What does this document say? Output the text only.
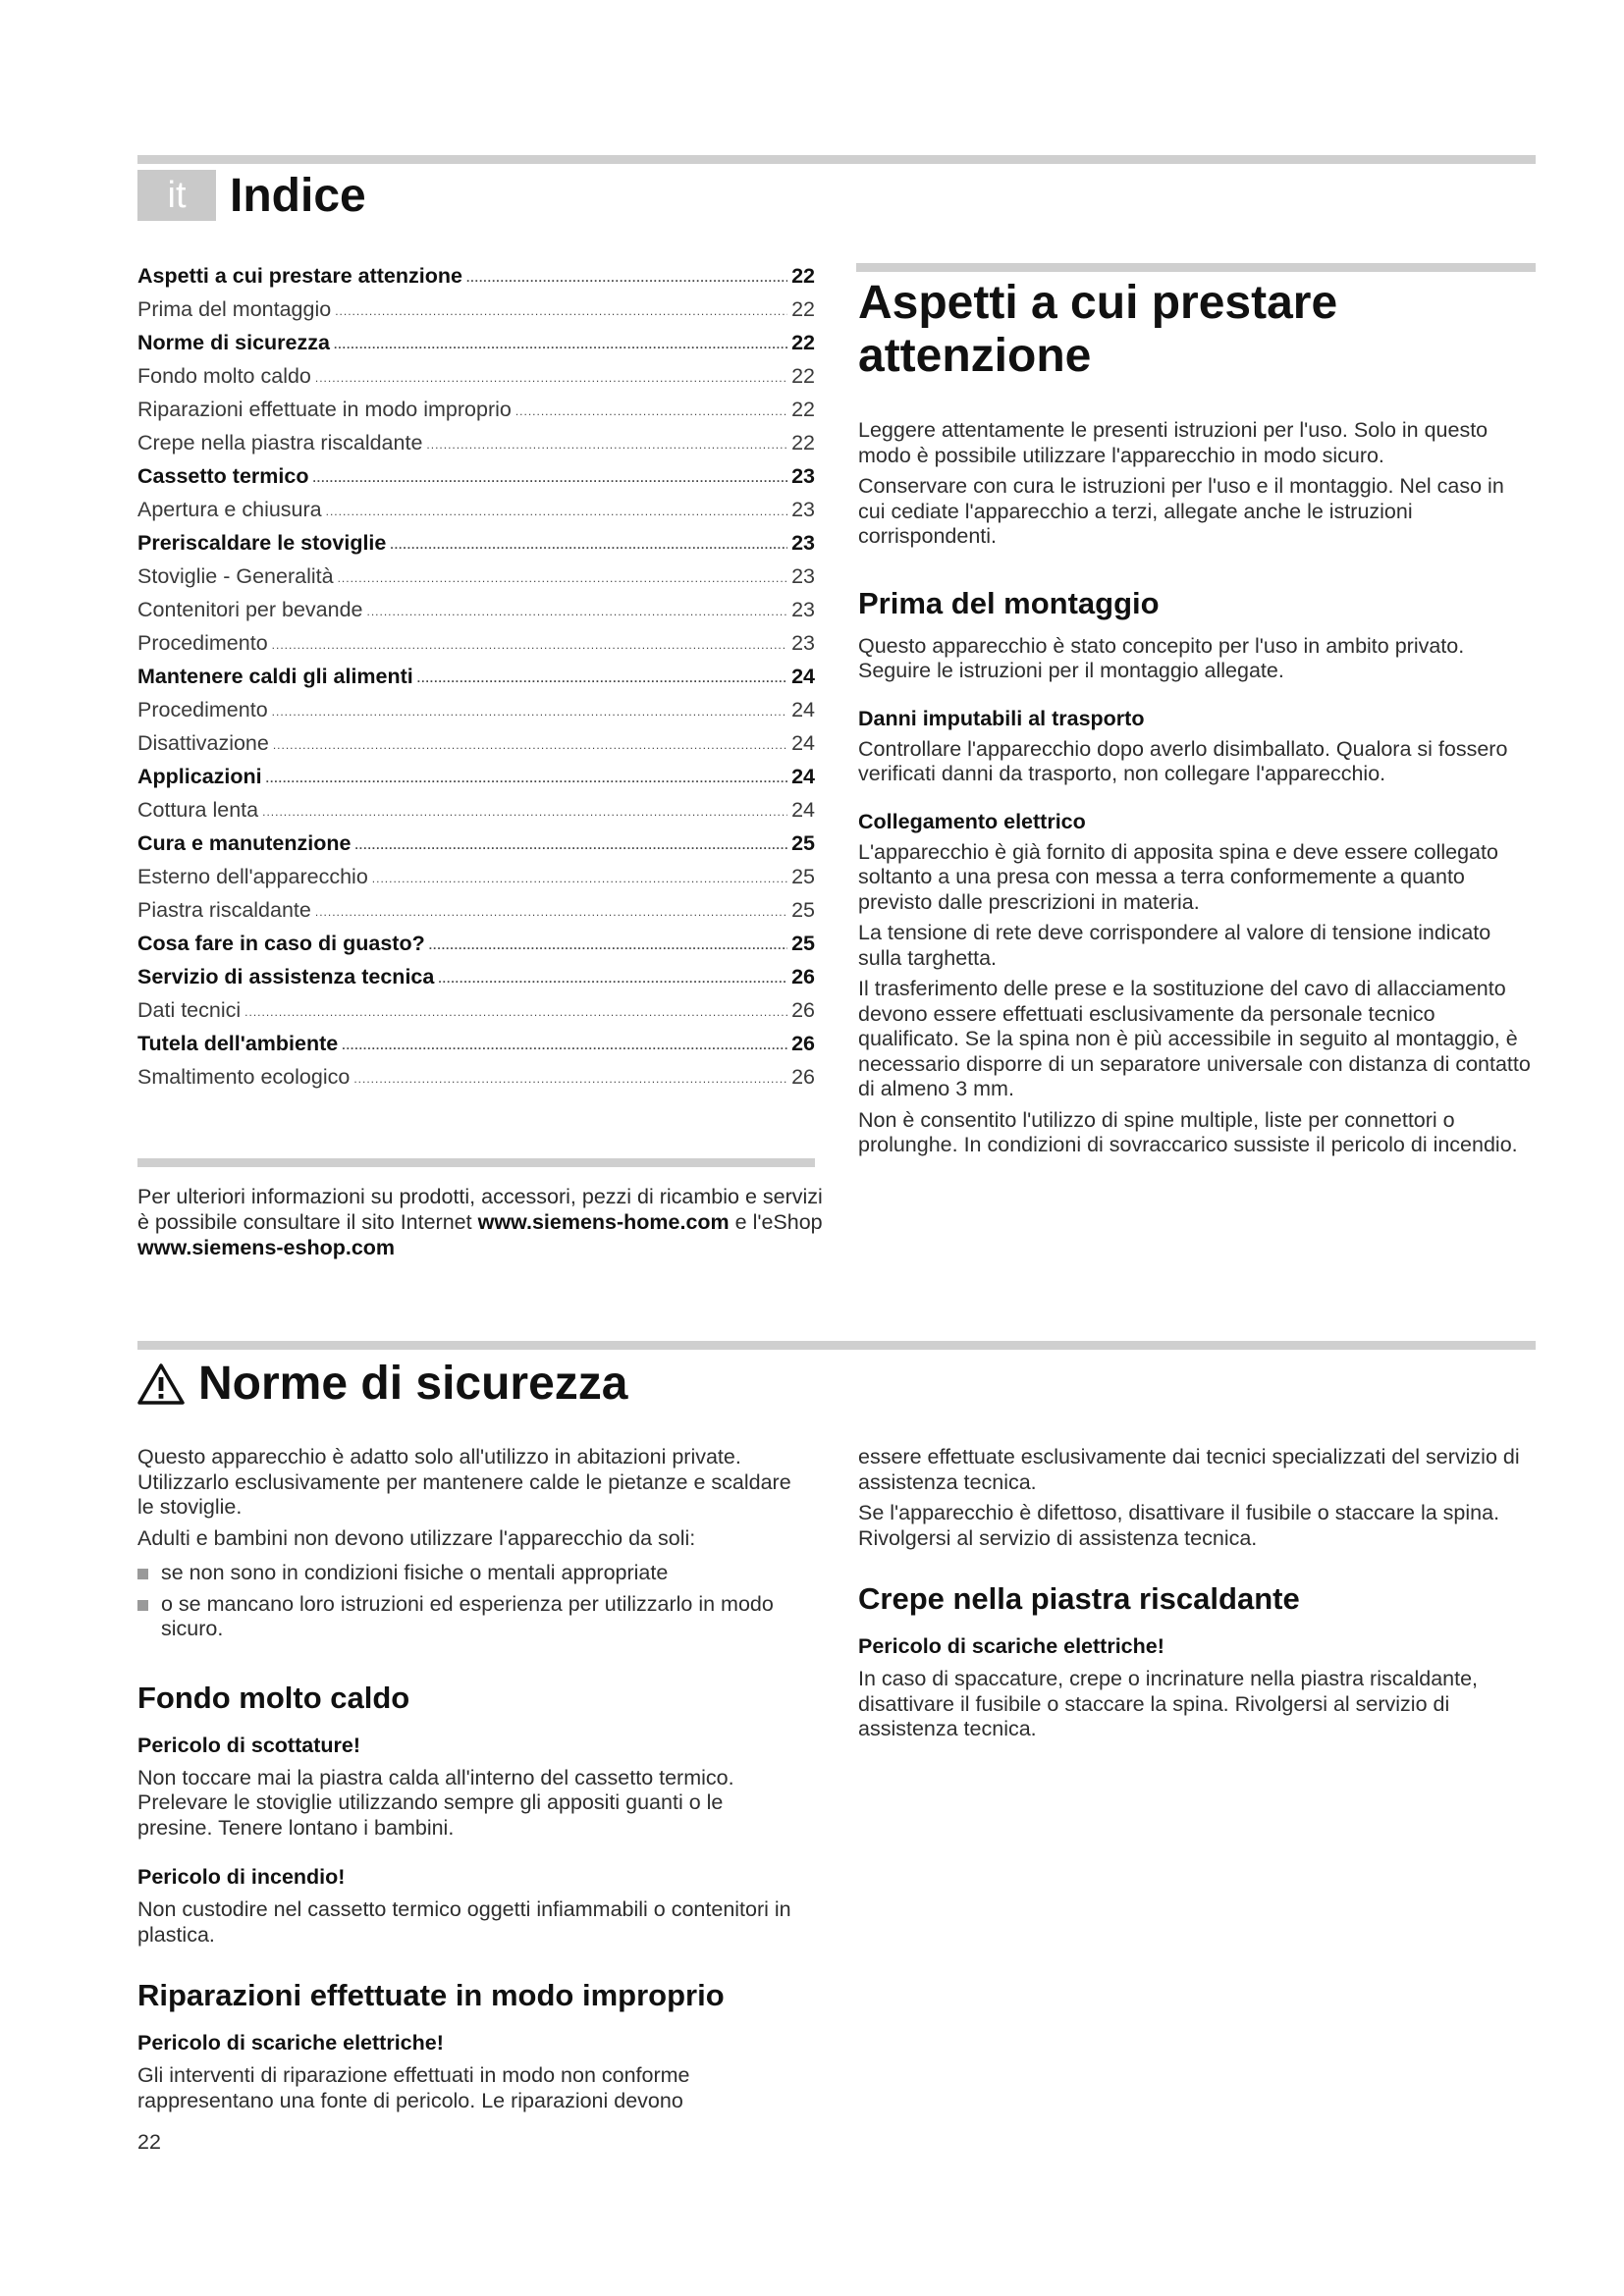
it Indice
Aspetti a cui prestare attenzione .....	22
Prima del montaggio .....	22
Norme di sicurezza .....	22
Fondo molto caldo .....	22
Riparazioni effettuate in modo improprio .....	22
Crepe nella piastra riscaldante .....	22
Cassetto termico .....	23
Apertura e chiusura .....	23
Preriscaldare le stoviglie .....	23
Stoviglie - Generalità .....	23
Contenitori per bevande .....	23
Procedimento .....	23
Mantenere caldi gli alimenti .....	24
Procedimento .....	24
Disattivazione .....	24
Applicazioni .....	24
Cottura lenta .....	24
Cura e manutenzione .....	25
Esterno dell'apparecchio .....	25
Piastra riscaldante .....	25
Cosa fare in caso di guasto? .....	25
Servizio di assistenza tecnica .....	26
Dati tecnici .....	26
Tutela dell'ambiente .....	26
Smaltimento ecologico .....	26
Per ulteriori informazioni su prodotti, accessori, pezzi di ricambio e servizi è possibile consultare il sito Internet www.siemens-home.com e l'eShop www.siemens-eshop.com
Aspetti a cui prestare attenzione

Leggere attentamente le presenti istruzioni per l'uso. Solo in questo modo è possibile utilizzare l'apparecchio in modo sicuro.

Conservare con cura le istruzioni per l'uso e il montaggio. Nel caso in cui cediate l'apparecchio a terzi, allegate anche le istruzioni corrispondenti.

Prima del montaggio

Questo apparecchio è stato concepito per l'uso in ambito privato. Seguire le istruzioni per il montaggio allegate.

Danni imputabili al trasporto

Controllare l'apparecchio dopo averlo disimballato. Qualora si fossero verificati danni da trasporto, non collegare l'apparecchio.

Collegamento elettrico

L'apparecchio è già fornito di apposita spina e deve essere collegato soltanto a una presa con messa a terra conformemente a quanto previsto dalle prescrizioni in materia.

La tensione di rete deve corrispondere al valore di tensione indicato sulla targhetta.

Il trasferimento delle prese e la sostituzione del cavo di allacciamento devono essere effettuati esclusivamente da personale tecnico qualificato. Se la spina non è più accessibile in seguito al montaggio, è necessario disporre di un separatore universale con distanza di contatto di almeno 3 mm.

Non è consentito l'utilizzo di spine multiple, liste per connettori o prolunghe. In condizioni di sovraccarico sussiste il pericolo di incendio.

Norme di sicurezza

Questo apparecchio è adatto solo all'utilizzo in abitazioni private. Utilizzarlo esclusivamente per mantenere calde le pietanze e scaldare le stoviglie.

Adulti e bambini non devono utilizzare l'apparecchio da soli:

se non sono in condizioni fisiche o mentali appropriate
o se mancano loro istruzioni ed esperienza per utilizzarlo in modo sicuro.
Fondo molto caldo
Pericolo di scottature!

Non toccare mai la piastra calda all'interno del cassetto termico. Prelevare le stoviglie utilizzando sempre gli appositi guanti o le presine. Tenere lontano i bambini.

Pericolo di incendio!

Non custodire nel cassetto termico oggetti infiammabili o contenitori in plastica.

Riparazioni effettuate in modo improprio
Pericolo di scariche elettriche!

Gli interventi di riparazione effettuati in modo non conforme rappresentano una fonte di pericolo. Le riparazioni devono

essere effettuate esclusivamente dai tecnici specializzati del servizio di assistenza tecnica.

Se l'apparecchio è difettoso, disattivare il fusibile o staccare la spina. Rivolgersi al servizio di assistenza tecnica.

Crepe nella piastra riscaldante
Pericolo di scariche elettriche!

In caso di spaccature, crepe o incrinature nella piastra riscaldante, disattivare il fusibile o staccare la spina. Rivolgersi al servizio di assistenza tecnica.

22
